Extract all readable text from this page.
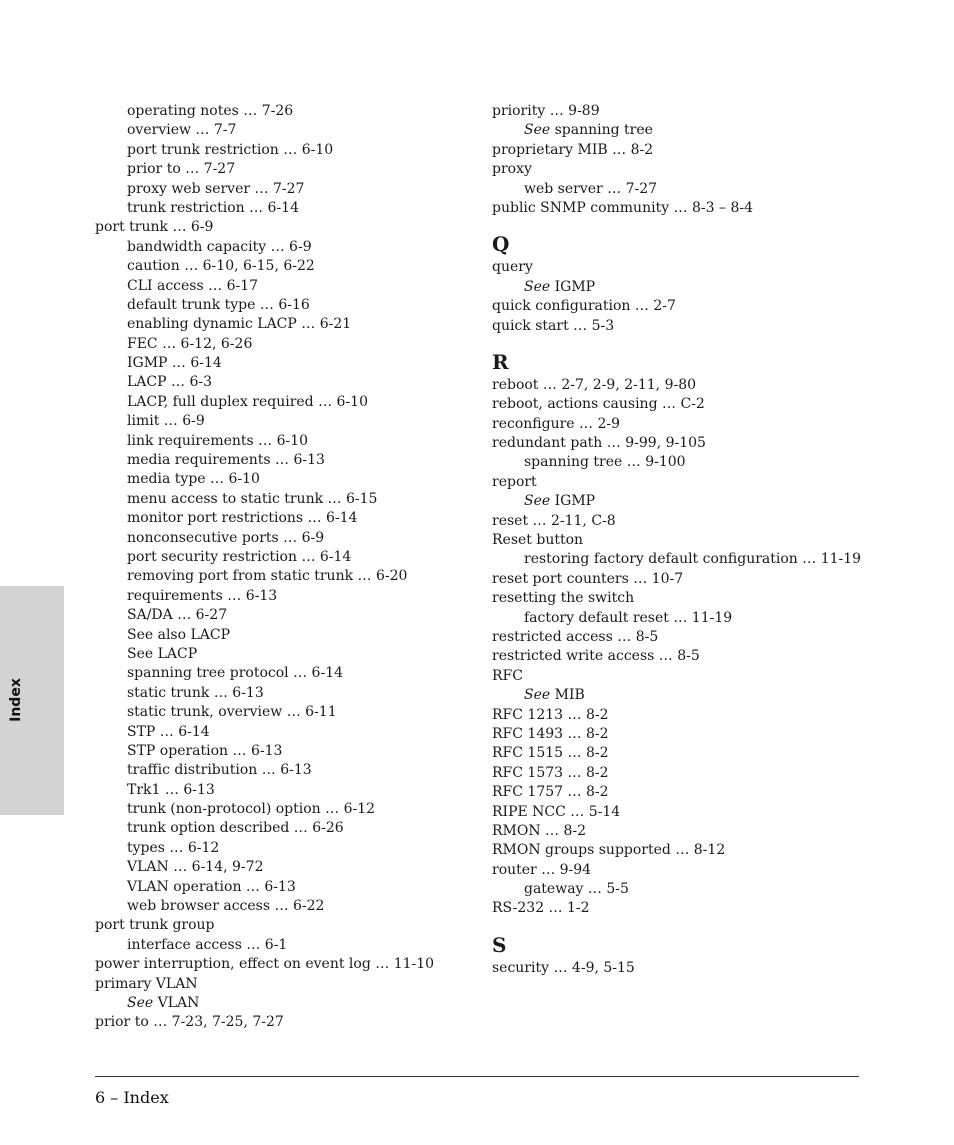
operating notes … 7-26
overview … 7-7
port trunk restriction … 6-10
prior to … 7-27
proxy web server … 7-27
trunk restriction … 6-14
port trunk … 6-9
bandwidth capacity … 6-9
caution … 6-10, 6-15, 6-22
CLI access … 6-17
default trunk type … 6-16
enabling dynamic LACP … 6-21
FEC … 6-12, 6-26
IGMP … 6-14
LACP … 6-3
LACP, full duplex required … 6-10
limit … 6-9
link requirements … 6-10
media requirements … 6-13
media type … 6-10
menu access to static trunk … 6-15
monitor port restrictions … 6-14
nonconsecutive ports … 6-9
port security restriction … 6-14
removing port from static trunk … 6-20
requirements … 6-13
SA/DA … 6-27
See also LACP
See LACP
spanning tree protocol … 6-14
static trunk … 6-13
static trunk, overview … 6-11
STP … 6-14
STP operation … 6-13
traffic distribution … 6-13
Trk1 … 6-13
trunk (non-protocol) option … 6-12
trunk option described … 6-26
types … 6-12
VLAN … 6-14, 9-72
VLAN operation … 6-13
web browser access … 6-22
port trunk group
interface access … 6-1
power interruption, effect on event log … 11-10
primary VLAN
See VLAN
prior to … 7-23, 7-25, 7-27
priority … 9-89
See spanning tree
proprietary MIB … 8-2
proxy
web server … 7-27
public SNMP community … 8-3 – 8-4
Q
query
See IGMP
quick configuration … 2-7
quick start … 5-3
R
reboot … 2-7, 2-9, 2-11, 9-80
reboot, actions causing … C-2
reconfigure … 2-9
redundant path … 9-99, 9-105
spanning tree … 9-100
report
See IGMP
reset … 2-11, C-8
Reset button
restoring factory default configuration … 11-19
reset port counters … 10-7
resetting the switch
factory default reset … 11-19
restricted access … 8-5
restricted write access … 8-5
RFC
See MIB
RFC 1213 … 8-2
RFC 1493 … 8-2
RFC 1515 … 8-2
RFC 1573 … 8-2
RFC 1757 … 8-2
RIPE NCC … 5-14
RMON … 8-2
RMON groups supported … 8-12
router … 9-94
gateway … 5-5
RS-232 … 1-2
S
security … 4-9, 5-15
Index
6 – Index
